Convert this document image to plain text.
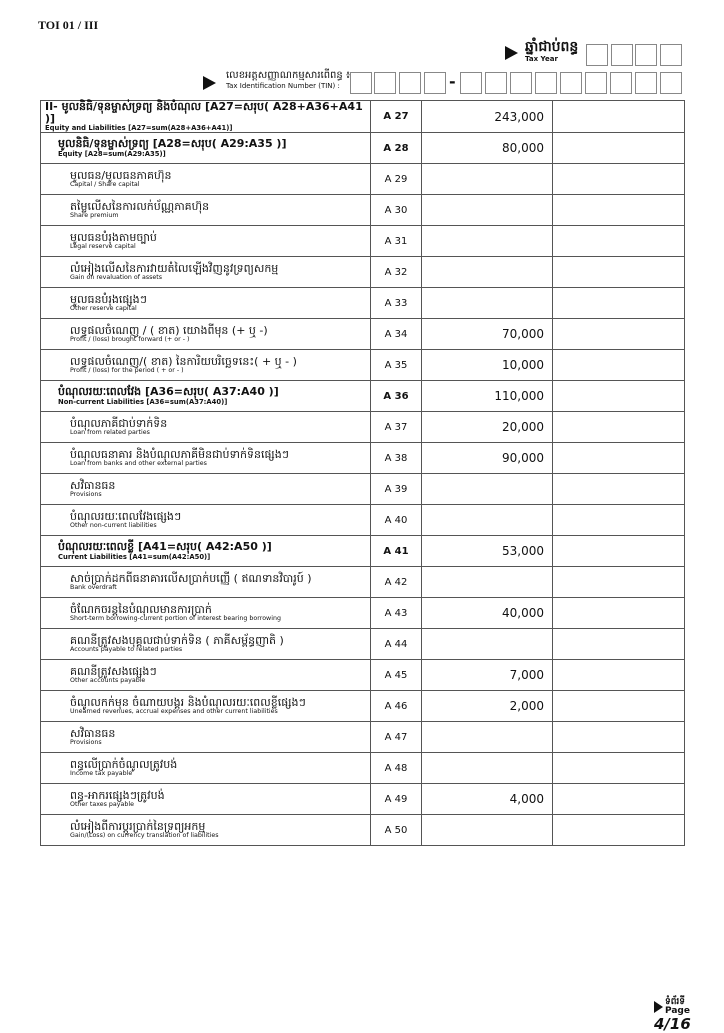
TOI 01 / III
ឆ្នាំជាប់ពន្ធ
Tax Year
លេខអត្តសញ្ញាណកម្មសារពើពន្ធ ៖
Tax Identification Number (TIN) :	-
II- មូលនិធិ/ទុនម្ចាស់ទ្រព្យ និងបំណុល [A27=សរុប( A28+A36+A41 )]
Equity and Liabilities [A27=sum(A28+A36+A41)]	A 27	243,000	

មូលនិធិ/ទុនម្ចាស់ទ្រព្យ [A28=សរុប( A29:A35 )]
Equity [A28=sum(A29:A35)]	A 28	80,000	

មូលធន/មូលធនភាគហ៊ុន
Capital / Share capital	A 29		

តម្លៃលើសនៃការលក់ប័ណ្ណភាគហ៊ុន
Share premium	A 30		

មូលធនបំរុងតាមច្បាប់
Legal reserve capital	A 31		

លំអៀងលើសនៃការវាយតំលៃឡើងវិញនូវទ្រព្យសកម្ម
Gain on revaluation of assets	A 32		

មូលធនបំរុងផ្សេងៗ
Other reserve capital	A 33		

លទ្ធផលចំណេញ / ( ខាត) យោងពីមុន (+ ឬ -)
Profit / (loss) brought forward (+ or - )	A 34	70,000	

លទ្ធផលចំណេញ/( ខាត) នៃការិយបរិច្ឆេទនេះ( + ឬ - )
Profit / (loss) for the period ( + or - )	A 35	10,000	

បំណុលរយៈពេលវែង [A36=សរុប( A37:A40 )]
Non-current Liabilities [A36=sum(A37:A40)]	A 36	110,000	

បំណុលភាគីជាប់ទាក់ទិន
Loan from related parties	A 37	20,000	

បំណុលធនាគារ និងបំណុលភាគីមិនជាប់ទាក់ទិនផ្សេងៗ
Loan from banks and other external parties	A 38	90,000	

សវិធានធន
Provisions	A 39		

បំណុលរយៈពេលវែងផ្សេងៗ
Other non-current liabilities	A 40		

បំណុលរយៈពេលខ្លី [A41=សរុប( A42:A50 )]
Current Liabilities [A41=sum(A42:A50)]	A 41	53,000	

សាច់ប្រាក់ដកពីធនាគារលើសប្រាក់បញ្ញើ ( ឥណទានវិបារូប៍ )
Bank overdraft	A 42		

ចំណែកចរន្តនៃបំណុលមានការប្រាក់
Short-term borrowing-current portion of interest bearing borrowing	A 43	40,000	

គណនីត្រូវសងបុគ្គលជាប់ទាក់ទិន ( ភាគីសម្ព័ន្ធញាតិ )
Accounts payable to related parties	A 44		

គណនីត្រូវសងផ្សេងៗ
Other accounts payable	A 45	7,000	

ចំណូលកក់មុន ចំណាយបង្គរ និងបំណុលរយៈពេលខ្លីផ្សេងៗ
Unearned revenues, accrual expenses and other current liabilities	A 46	2,000	

សវិធានធន
Provisions	A 47		

ពន្ធលើប្រាក់ចំណូលត្រូវបង់
Income tax payable	A 48		

ពន្ធ-អាករផ្សេងៗត្រូវបង់
Other taxes payable	A 49	4,000	

លំអៀងពីការប្តូរប្រាក់នៃទ្រព្យអកម្ម
Gain/(Loss) on currency translation of liabilities	A 50		
ទំព័រទី
Page4/16
